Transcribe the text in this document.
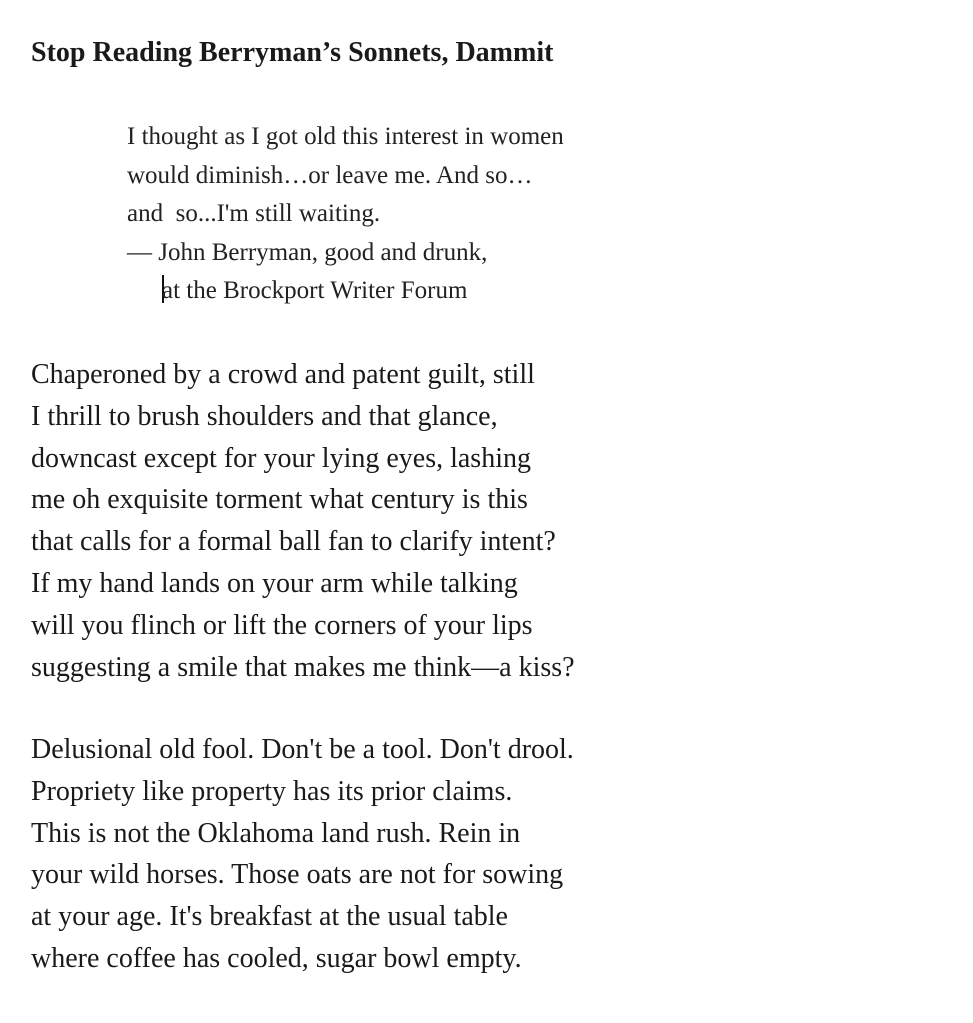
Stop Reading Berryman’s Sonnets, Dammit
I thought as I got old this interest in women
would diminish…or leave me. And so…
and  so...I'm still waiting.
— John Berryman, good and drunk,
at the Brockport Writer Forum
Chaperoned by a crowd and patent guilt, still
I thrill to brush shoulders and that glance,
downcast except for your lying eyes, lashing
me oh exquisite torment what century is this
that calls for a formal ball fan to clarify intent?
If my hand lands on your arm while talking
will you flinch or lift the corners of your lips
suggesting a smile that makes me think—a kiss?
Delusional old fool. Don't be a tool. Don't drool.
Propriety like property has its prior claims.
This is not the Oklahoma land rush. Rein in
your wild horses. Those oats are not for sowing
at your age. It's breakfast at the usual table
where coffee has cooled, sugar bowl empty.
